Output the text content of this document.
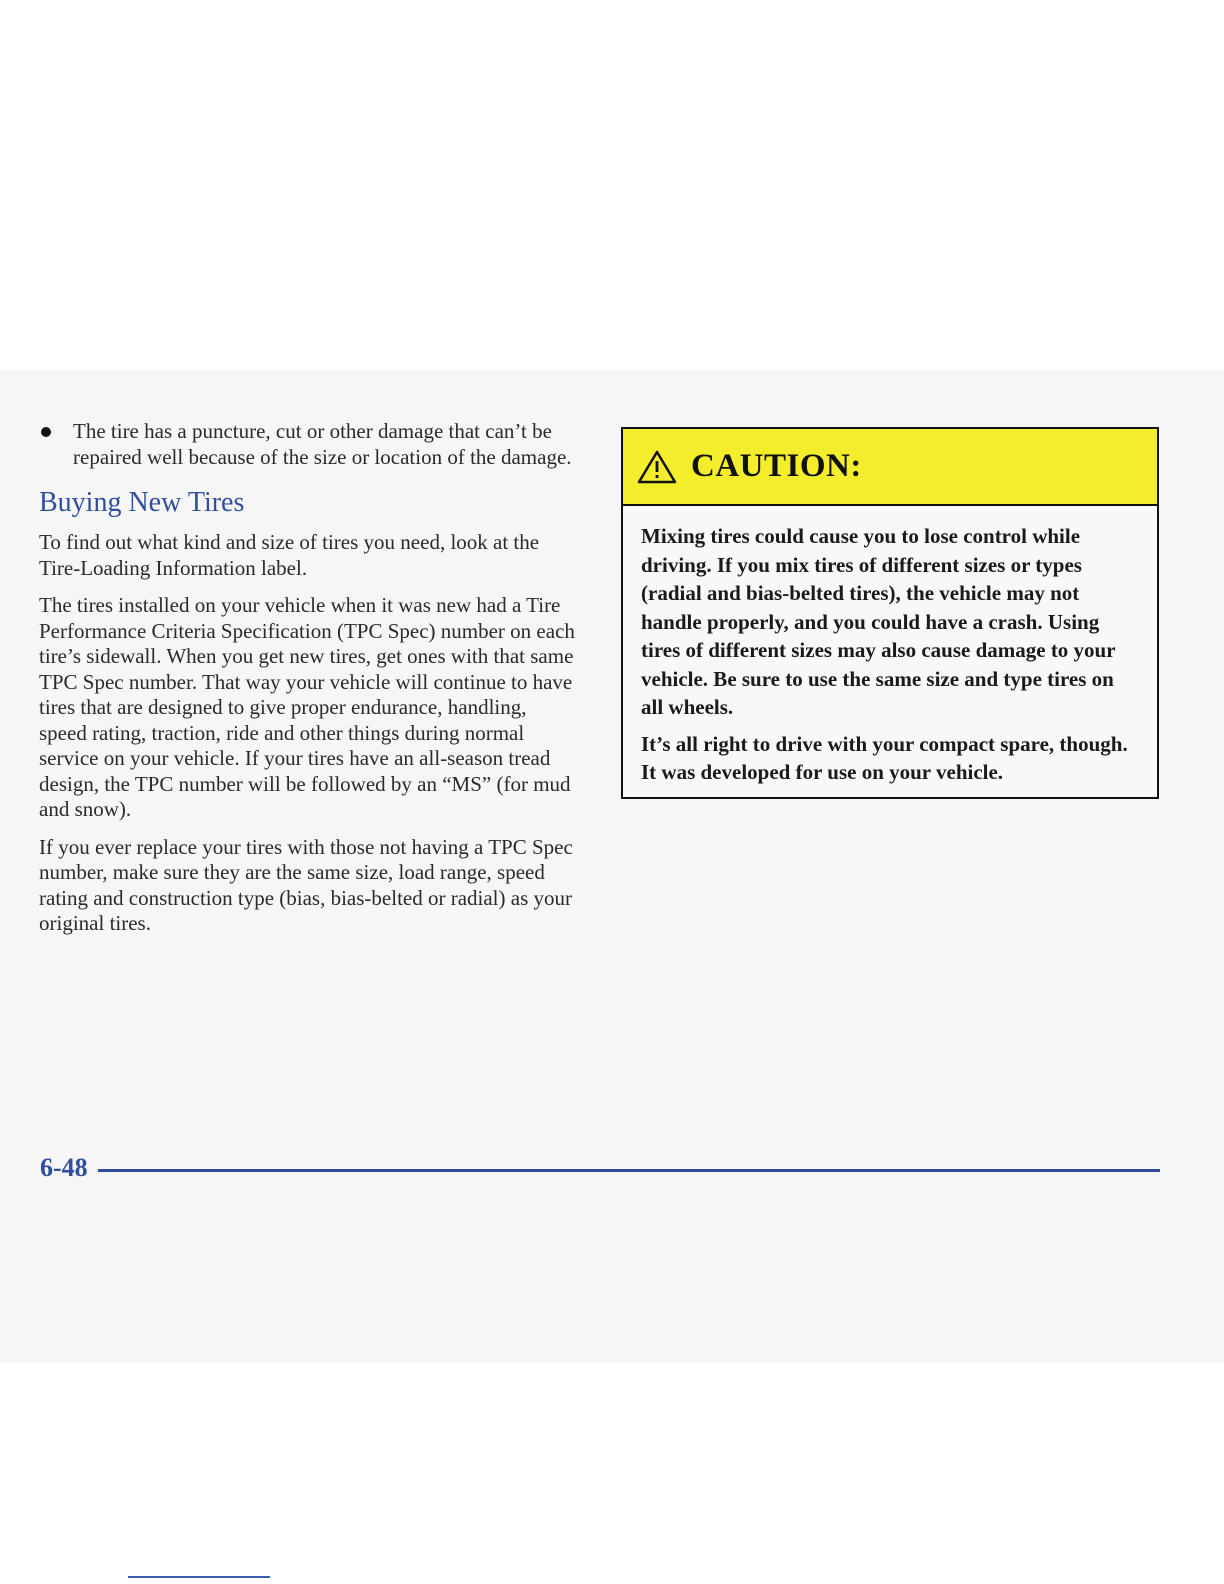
The tire has a puncture, cut or other damage that can’t be repaired well because of the size or location of the damage.
Buying New Tires

To find out what kind and size of tires you need, look at the Tire-Loading Information label.

The tires installed on your vehicle when it was new had a Tire Performance Criteria Specification (TPC Spec) number on each tire’s sidewall. When you get new tires, get ones with that same TPC Spec number. That way your vehicle will continue to have tires that are designed to give proper endurance, handling, speed rating, traction, ride and other things during normal service on your vehicle. If your tires have an all-season tread design, the TPC number will be followed by an “MS” (for mud and snow).

If you ever replace your tires with those not having a TPC Spec number, make sure they are the same size, load range, speed rating and construction type (bias, bias-belted or radial) as your original tires.

CAUTION:

Mixing tires could cause you to lose control while driving. If you mix tires of different sizes or types (radial and bias-belted tires), the vehicle may not handle properly, and you could have a crash. Using tires of different sizes may also cause damage to your vehicle. Be sure to use the same size and type tires on all wheels.

It’s all right to drive with your compact spare, though. It was developed for use on your vehicle.

6-48
